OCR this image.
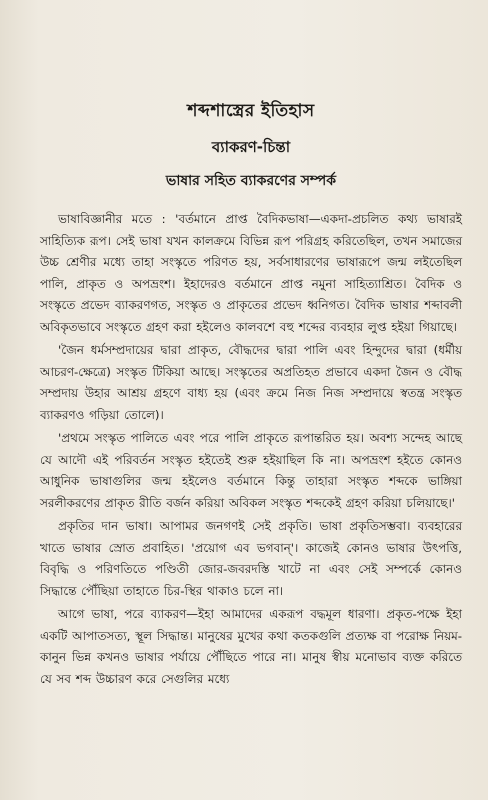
শব্দশাস্ত্রের ইতিহাস
ব্যাকরণ-চিন্তা
ভাষার সহিত ব্যাকরণের সম্পর্ক

ভাষাবিজ্ঞানীর মতে : 'বর্তমানে প্রাপ্ত বৈদিকভাষা—একদা-প্রচলিত কথ্য ভাষারই সাহিত্যিক রূপ। সেই ভাষা যখন কালক্রমে বিভিন্ন রূপ পরিগ্রহ করিতেছিল, তখন সমাজের উচ্চ শ্রেণীর মধ্যে তাহা সংস্কৃতে পরিণত হয়, সর্বসাধারণের ভাষারূপে জন্ম লইতেছিল পালি, প্রাকৃত ও অপভ্রংশ। ইহাদেরও বর্তমানে প্রাপ্ত নমুনা সাহিত্যাশ্রিত। বৈদিক ও সংস্কৃতে প্রভেদ ব্যাকরণগত, সংস্কৃত ও প্রাকৃতের প্রভেদ ধ্বনিগত। বৈদিক ভাষার শব্দাবলী অবিকৃতভাবে সংস্কৃতে গ্রহণ করা হইলেও কালবশে বহু শব্দের ব্যবহার লুপ্ত হইয়া গিয়াছে।

'জৈন ধর্মসম্প্রদায়ের দ্বারা প্রাকৃত, বৌদ্ধদের দ্বারা পালি এবং হিন্দুদের দ্বারা (ধর্মীয় আচরণ-ক্ষেত্রে) সংস্কৃত টিকিয়া আছে। সংস্কৃতের অপ্রতিহত প্রভাবে একদা জৈন ও বৌদ্ধ সম্প্রদায় উহার আশ্রয় গ্রহণে বাধ্য হয় (এবং ক্রমে নিজ নিজ সম্প্রদায়ে স্বতন্ত্র সংস্কৃত ব্যাকরণও গড়িয়া তোলে)।

'প্রথমে সংস্কৃত পালিতে এবং পরে পালি প্রাকৃতে রূপান্তরিত হয়। অবশ্য সন্দেহ আছে যে আদৌ এই পরিবর্তন সংস্কৃত হইতেই শুরু হইয়াছিল কি না। অপভ্রংশ হইতে কোনও আধুনিক ভাষাগুলির জন্ম হইলেও বর্তমানে কিন্তু তাহারা সংস্কৃত শব্দকে ভাঙ্গিয়া সরলীকরণের প্রাকৃত রীতি বর্জন করিয়া অবিকল সংস্কৃত শব্দকেই গ্রহণ করিয়া চলিয়াছে।'

প্রকৃতির দান ভাষা। আপামর জনগণই সেই প্রকৃতি। ভাষা প্রকৃতিসম্ভবা। ব্যবহারের খাতে ভাষার স্রোত প্রবাহিত। 'প্রয়োগ এব ভগবান্'। কাজেই কোনও ভাষার উৎপত্তি, বিবৃদ্ধি ও পরিণতিতে পণ্ডিতী জোর-জবরদস্তি খাটে না এবং সেই সম্পর্কে কোনও সিদ্ধান্তে পৌঁছিয়া তাহাতে চির-স্থির থাকাও চলে না।

আগে ভাষা, পরে ব্যাকরণ—ইহা আমাদের একরূপ বদ্ধমূল ধারণা। প্রকৃত-পক্ষে ইহা একটি আপাতসত্য, স্থূল সিদ্ধান্ত। মানুষের মুখের কথা কতকগুলি প্রত্যক্ষ বা পরোক্ষ নিয়ম-কানুন ভিন্ন কখনও ভাষার পর্যায়ে পৌঁছিতে পারে না। মানুষ স্বীয় মনোভাব ব্যক্ত করিতে যে সব শব্দ উচ্চারণ করে সেগুলির মধ্যে
